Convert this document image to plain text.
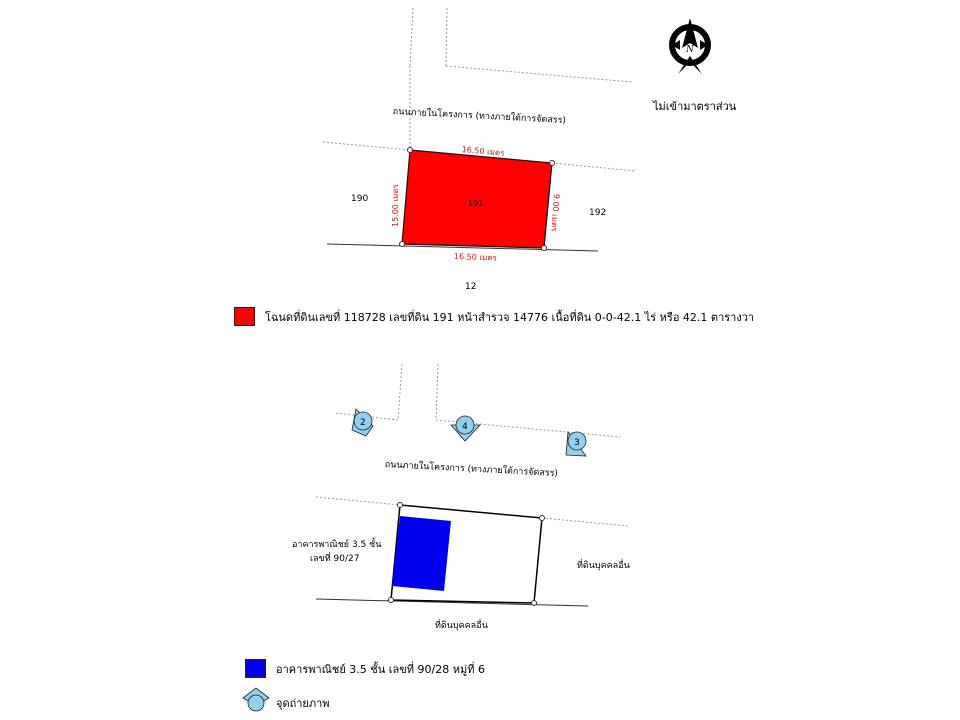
N
2	4
3
ไม่เข้ามาตราส่วน
ถนนภายในโครงการ (ทางภายใต้การจัดสรร)
16.50 เมตร
16.50 เมตร
15.00 เมตร	9.00 เมตร
191
190
192
12
โฉนดที่ดินเลขที่ 118728 เลขที่ดิน 191 หน้าสำรวจ 14776 เนื้อที่ดิน 0-0-42.1 ไร่ หรือ 42.1 ตารางวา
ถนนภายในโครงการ (ทางภายใต้การจัดสรร)
อาคารพาณิชย์ 3.5 ชั้น
เลขที่ 90/27
ที่ดินบุคคลอื่น
ที่ดินบุคคลอื่น
อาคารพาณิชย์ 3.5 ชั้น เลขที่ 90/28 หมู่ที่ 6
จุดถ่ายภาพ
